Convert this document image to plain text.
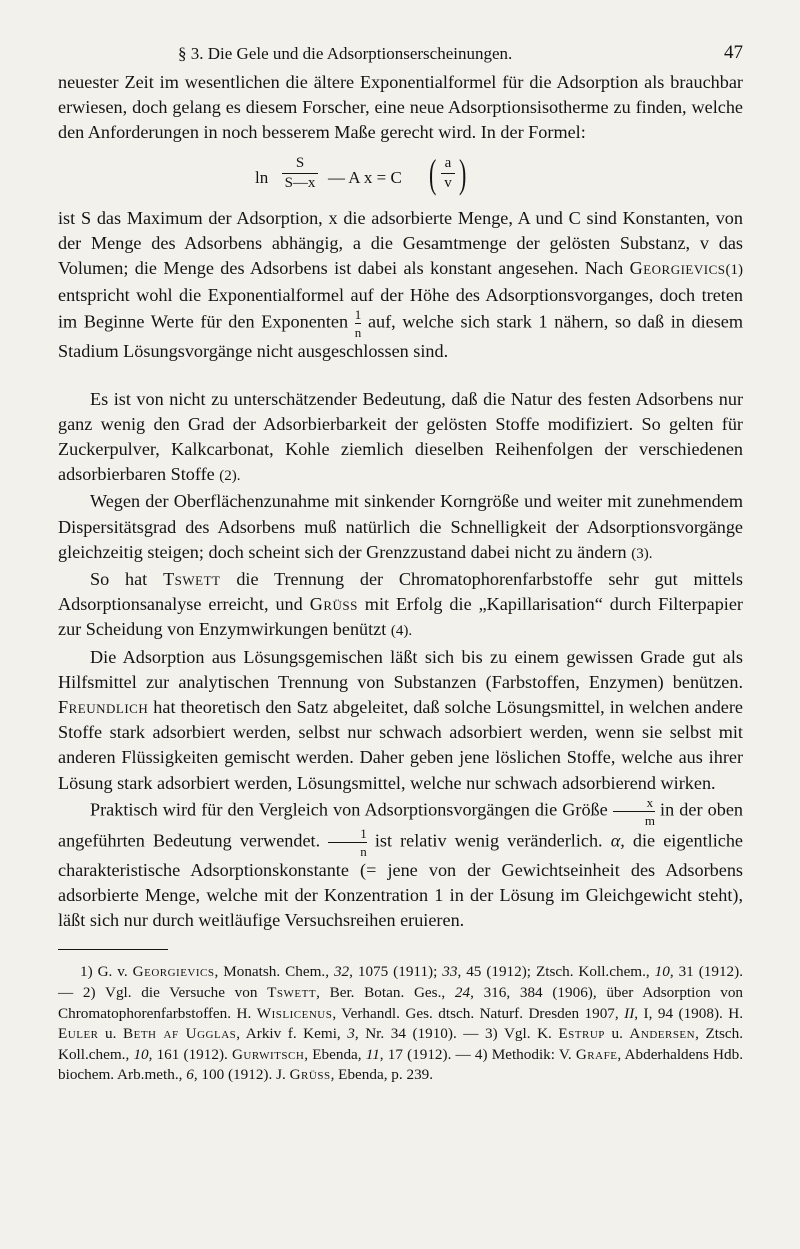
§ 3. Die Gele und die Adsorptionserscheinungen.	47

neuester Zeit im wesentlichen die ältere Exponentialformel für die Adsorption als brauchbar erwiesen, doch gelang es diesem Forscher, eine neue Adsorptionsisotherme zu finden, welche den Anforderungen in noch besserem Maße gerecht wird. In der Formel:

ln
S
S—x — A x = C ( a
v )

ist S das Maximum der Adsorption, x die adsorbierte Menge, A und C sind Konstanten, von der Menge des Adsorbens abhängig, a die Gesamtmenge der gelösten Substanz, v das Volumen; die Menge des Adsorbens ist dabei als konstant angesehen. Nach Georgievics(1) entspricht wohl die Exponentialformel auf der Höhe des Adsorptionsvorganges, doch treten im Beginne Werte für den Exponenten $\frac{1}{n}$ auf, welche sich stark 1 nähern, so daß in diesem Stadium Lösungsvorgänge nicht ausgeschlossen sind.

Es ist von nicht zu unterschätzender Bedeutung, daß die Natur des festen Adsorbens nur ganz wenig den Grad der Adsorbierbarkeit der gelösten Stoffe modifiziert. So gelten für Zuckerpulver, Kalkcarbonat, Kohle ziemlich dieselben Reihenfolgen der verschiedenen adsorbierbaren Stoffe (2).

Wegen der Oberflächenzunahme mit sinkender Korngröße und weiter mit zunehmendem Dispersitätsgrad des Adsorbens muß natürlich die Schnelligkeit der Adsorptionsvorgänge gleichzeitig steigen; doch scheint sich der Grenzzustand dabei nicht zu ändern (3).

So hat Tswett die Trennung der Chromatophorenfarbstoffe sehr gut mittels Adsorptionsanalyse erreicht, und Grüss mit Erfolg die „Kapillarisation“ durch Filterpapier zur Scheidung von Enzymwirkungen benützt (4).

Die Adsorption aus Lösungsgemischen läßt sich bis zu einem gewissen Grade gut als Hilfsmittel zur analytischen Trennung von Substanzen (Farbstoffen, Enzymen) benützen. Freundlich hat theoretisch den Satz abgeleitet, daß solche Lösungsmittel, in welchen andere Stoffe stark adsorbiert werden, selbst nur schwach adsorbiert werden, wenn sie selbst mit anderen Flüssigkeiten gemischt werden. Daher geben jene löslichen Stoffe, welche aus ihrer Lösung stark adsorbiert werden, Lösungsmittel, welche nur schwach adsorbierend wirken.

Praktisch wird für den Vergleich von Adsorptionsvorgängen die Größe $\frac{x}{m}$ in der oben angeführten Bedeutung verwendet. $\frac{1}{n}$ ist relativ wenig veränderlich. α, die eigentliche charakteristische Adsorptionskonstante (= jene von der Gewichtseinheit des Adsorbens adsorbierte Menge, welche mit der Konzentration 1 in der Lösung im Gleichgewicht steht), läßt sich nur durch weitläufige Versuchsreihen eruieren.

1) G. v. Georgievics, Monatsh. Chem., 32, 1075 (1911); 33, 45 (1912); Ztsch. Koll.chem., 10, 31 (1912). — 2) Vgl. die Versuche von Tswett, Ber. Botan. Ges., 24, 316, 384 (1906), über Adsorption von Chromatophorenfarbstoffen. H. Wislicenus, Verhandl. Ges. dtsch. Naturf. Dresden 1907, II, I, 94 (1908). H. Euler u. Beth af Ugglas, Arkiv f. Kemi, 3, Nr. 34 (1910). — 3) Vgl. K. Estrup u. Andersen, Ztsch. Koll.chem., 10, 161 (1912). Gurwitsch, Ebenda, 11, 17 (1912). — 4) Methodik: V. Grafe, Abderhaldens Hdb. biochem. Arb.meth., 6, 100 (1912). J. Grüss, Ebenda, p. 239.
